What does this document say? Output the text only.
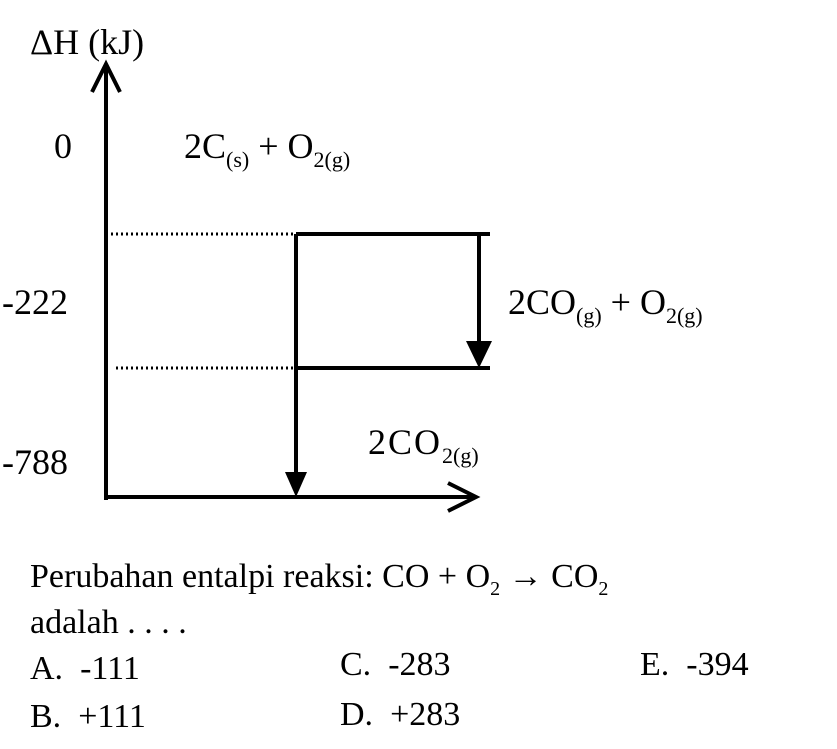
ΔH (kJ)
0
-222
-788
$2C_{(s)} + O_{2(g)}$
$2CO_{(g)} + O_{2(g)}$
$2CO_{2(g)}$
Perubahan entalpi reaksi: CO + $O_2 \to CO_2$
adalah . . . .
A. -111
B. +111
C. -283
D. +283
E. -394
